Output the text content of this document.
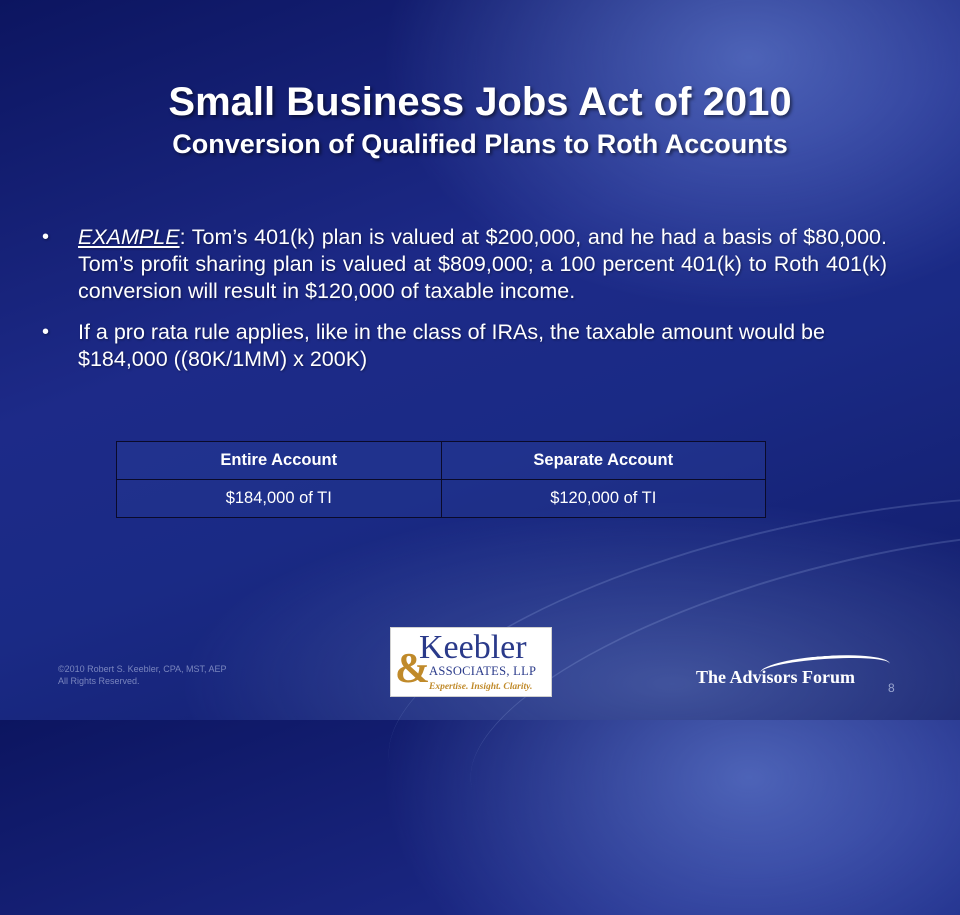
Small Business Jobs Act of 2010
Conversion of Qualified Plans to Roth Accounts
• EXAMPLE: Tom’s 401(k) plan is valued at $200,000, and he had a basis of $80,000. Tom’s profit sharing plan is valued at $809,000; a 100 percent 401(k) to Roth 401(k) conversion will result in $120,000 of taxable income.
• If a pro rata rule applies, like in the class of IRAs, the taxable amount would be $184,000 ((80K/1MM) x 200K)
Entire Account	Separate Account
$184,000 of TI	$120,000 of TI
©2010 Robert S. Keebler, CPA, MST, AEP
All Rights Reserved.	&
Keebler
ASSOCIATES, LLP
Expertise. Insight. Clarity.	The Advisors Forum
8
